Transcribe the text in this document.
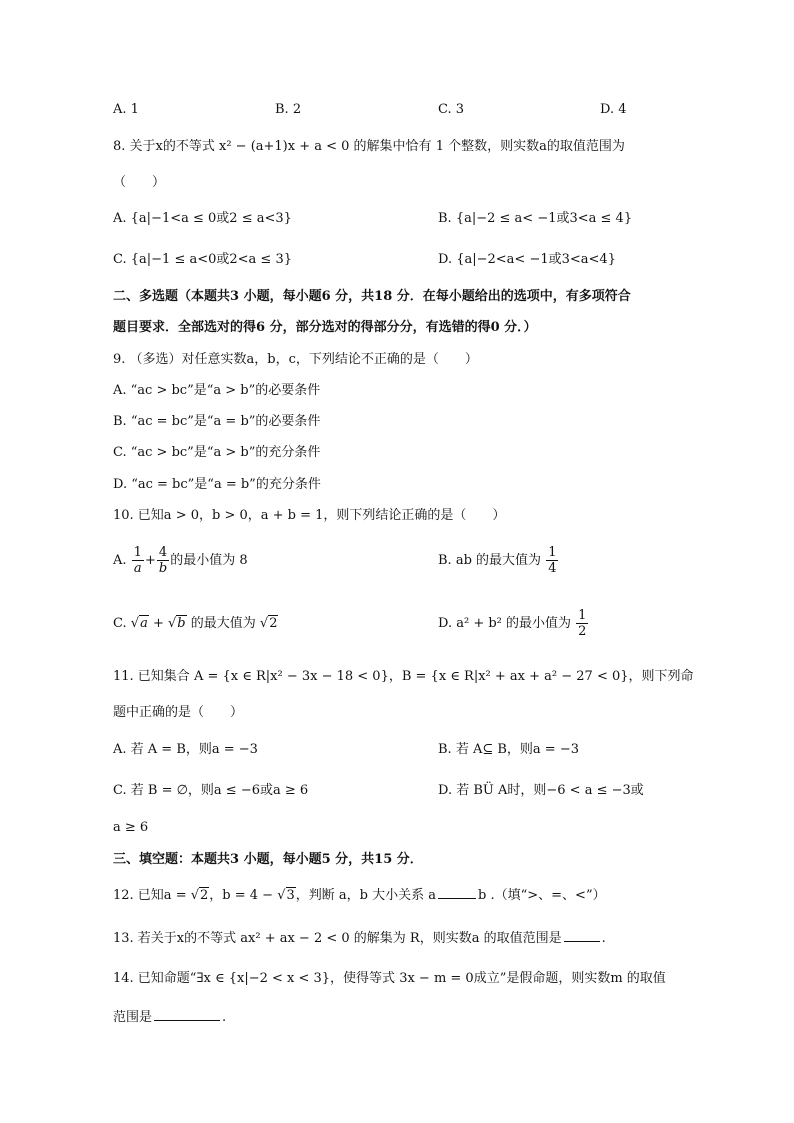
A. 1	B. 2	C. 3	D. 4
8. 关于x的不等式 x² − (a+1)x + a < 0 的解集中恰有 1 个整数，则实数a的取值范围为
（　　）
A. {a|−1<a ≤ 0或2 ≤ a<3}	B. {a|−2 ≤ a< −1或3<a ≤ 4}
C. {a|−1 ≤ a<0或2<a ≤ 3}	D. {a|−2<a< −1或3<a<4}
二、多选题（本题共3 小题，每小题6 分，共18 分．在每小题给出的选项中，有多项符合
题目要求．全部选对的得6 分，部分选对的得部分分，有选错的得0 分．）
9. （多选）对任意实数a，b，c，下列结论不正确的是（　　）
A. “ac > bc”是“a > b”的必要条件
B. “ac = bc”是“a = b”的必要条件
C. “ac > bc”是“a > b”的充分条件
D. “ac = bc”是“a = b”的充分条件
10. 已知a > 0，b > 0，a + b = 1，则下列结论正确的是（　　）
A. $\frac{1}{a} + \frac{4}{b}$ 的最小值为 8	B. ab 的最大值为 $\frac{1}{4}$
C. √a + √b 的最大值为 √2	D. a² + b² 的最小值为 $\frac{1}{2}$
11. 已知集合 A = {x ∈ R|x² − 3x − 18 < 0}，B = {x ∈ R|x² + ax + a² − 27 < 0}，则下列命
题中正确的是（　　）
A. 若 A = B，则a = −3	B. 若 A⊆ B，则a = −3
C. 若 B = ∅，则a ≤ −6或a ≥ 6	D. 若 BÜ A时，则−6 < a ≤ −3或
a ≥ 6
三、填空题：本题共3 小题，每小题5 分，共15 分．
12. 已知a = √2，b = 4 − √3，判断 a，b 大小关系 a	b .（填“>、=、<”）
13. 若关于x的不等式 ax² + ax − 2 < 0 的解集为 R，则实数a 的取值范围是	.
14. 已知命题“∃x ∈ {x|−2 < x < 3}，使得等式 3x − m = 0成立”是假命题，则实数m 的取值
范围是	.
